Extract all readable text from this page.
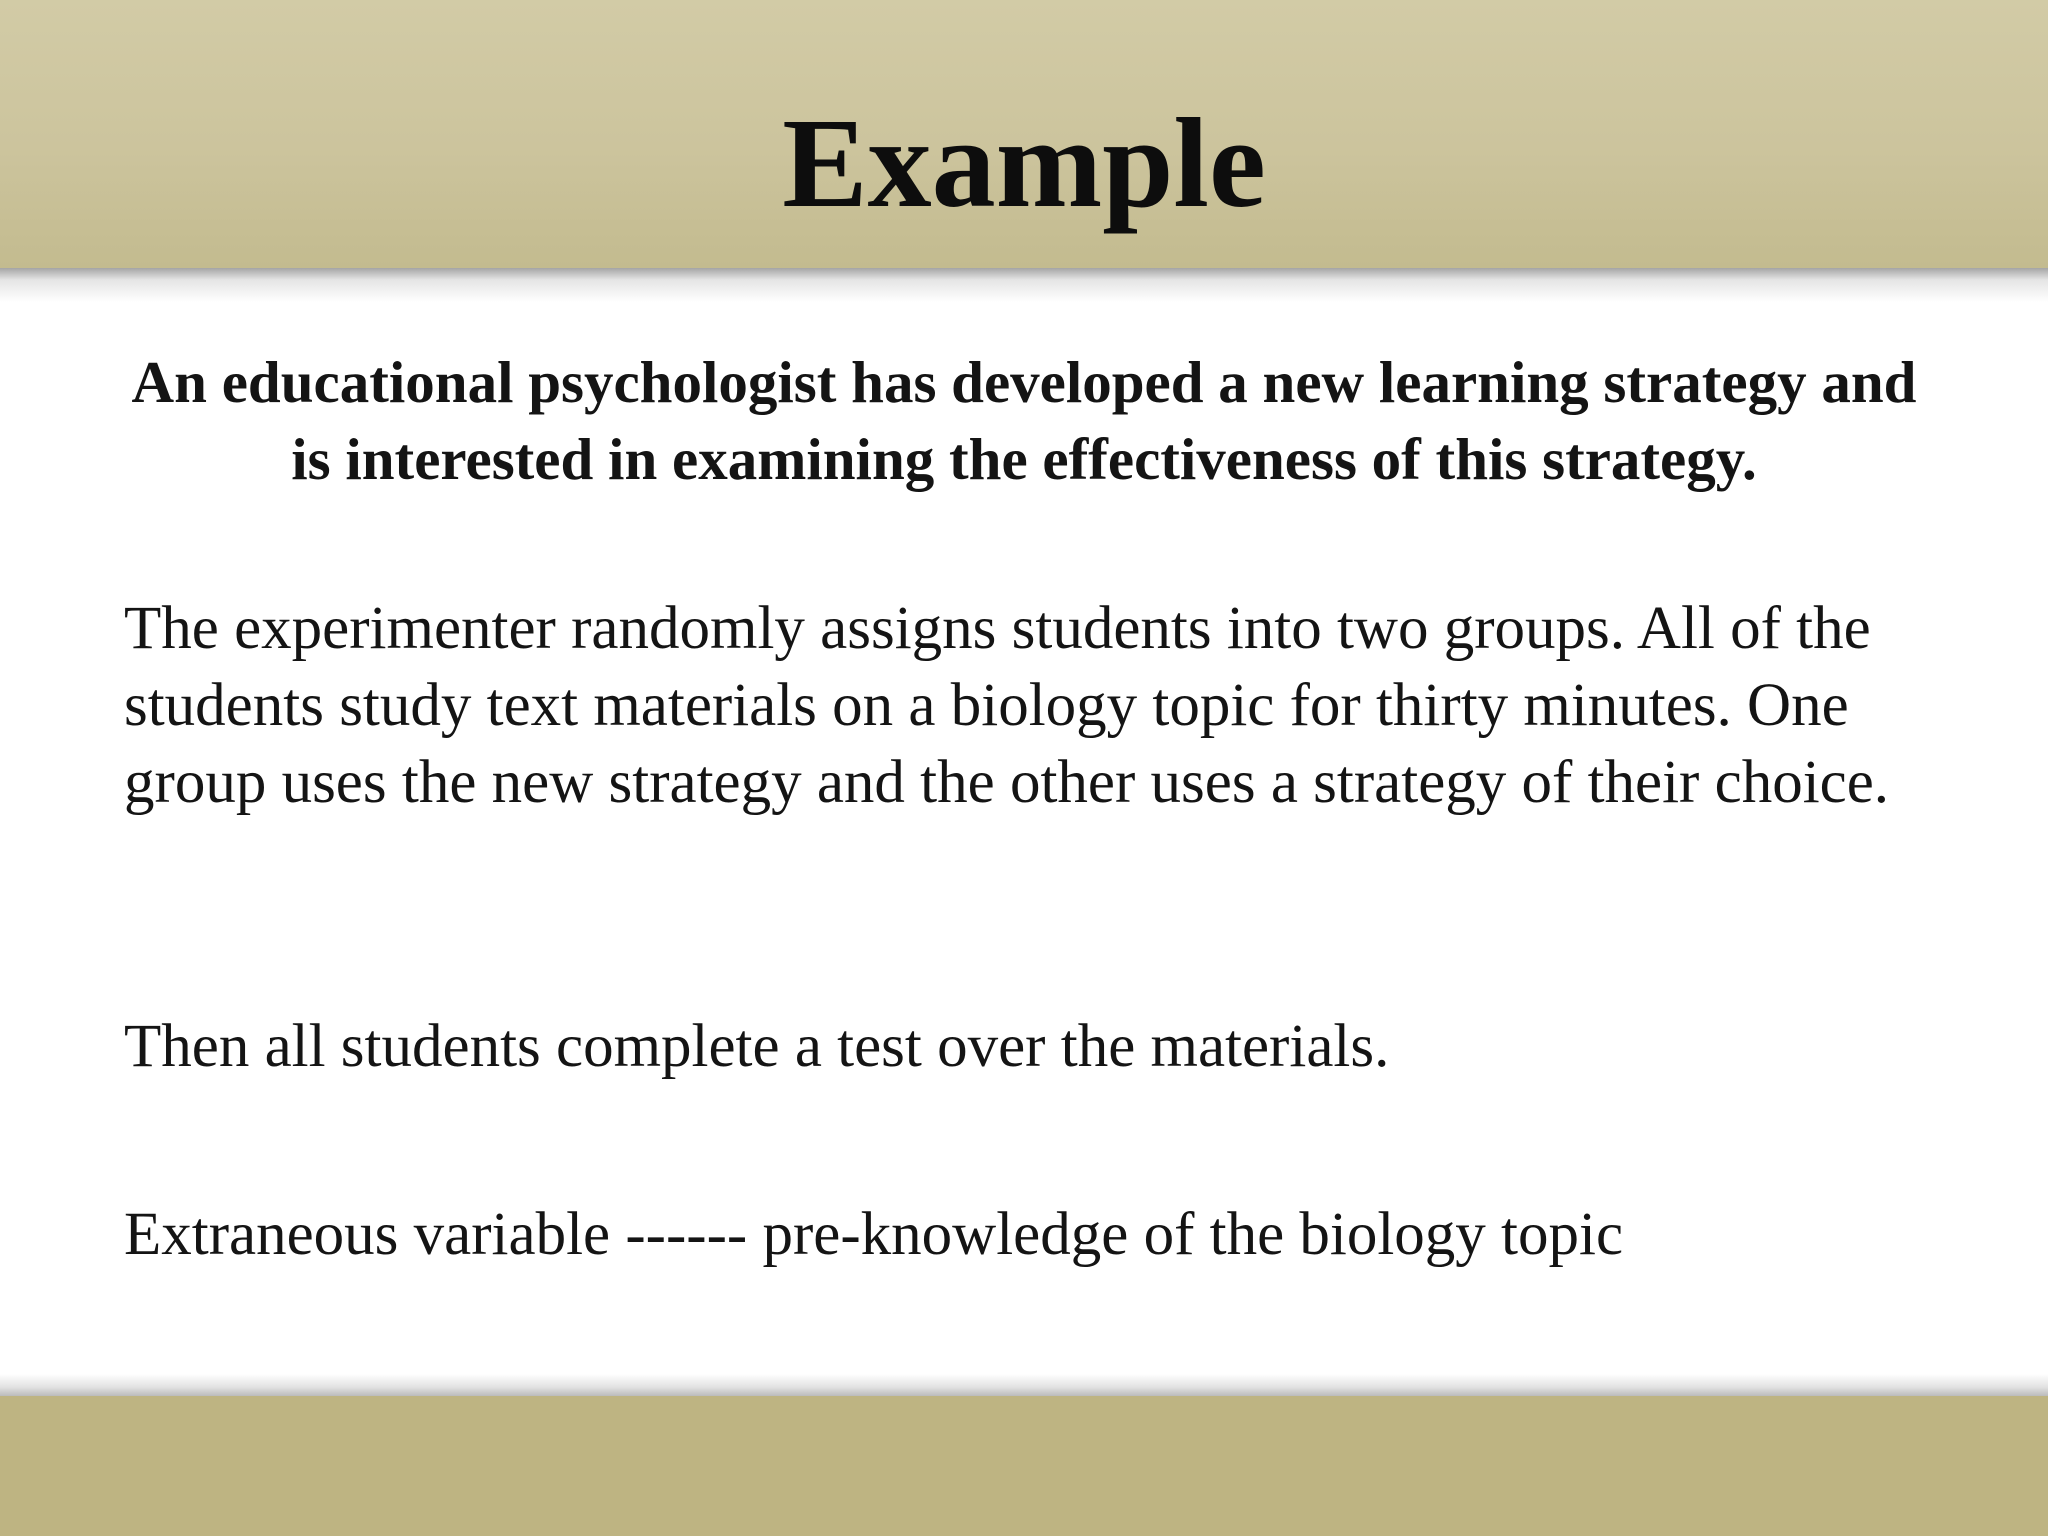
Example
An educational psychologist has developed a new learning strategy and is interested in examining the effectiveness of this strategy.
The experimenter randomly assigns students into two groups. All of the students study text materials on a biology topic for thirty minutes. One group uses the new strategy and the other uses a strategy of their choice.
Then all students complete a test over the materials.
Extraneous variable ------ pre-knowledge of the biology topic
